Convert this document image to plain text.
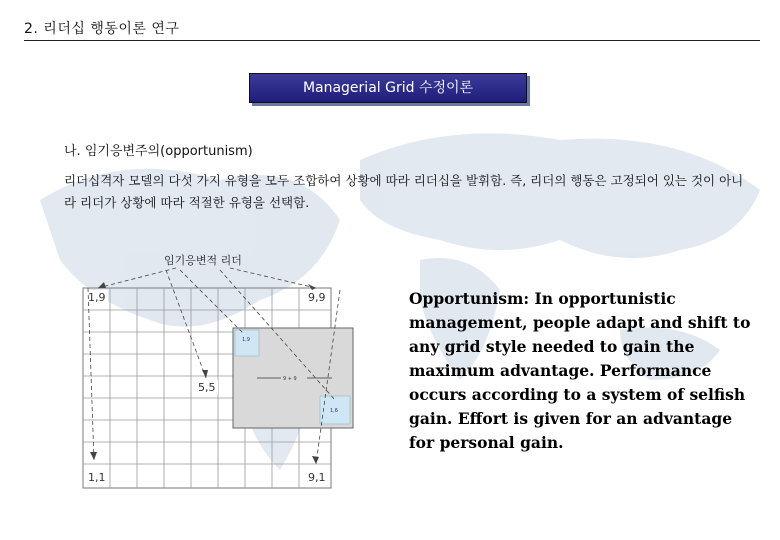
2. 리더십 행동이론 연구
Managerial Grid 수정이론
나. 임기응변주의(opportunism)
리더십격자 모델의 다섯 가지 유형을 모두 조합하여 상황에 따라 리더십을 발휘함. 즉, 리더의 행동은 고정되어 있는 것이 아니라 리더가 상황에 따라 적절한 유형을 선택함.
임기응변적 리더
1,9	9,9
5,5
1,1	9,1
1,9
1,6
9 + 9
Opportunism: In opportunistic management, people adapt and shift to any grid style needed to gain the maximum advantage. Performance occurs according to a system of selfish gain. Effort is given for an advantage for personal gain.
